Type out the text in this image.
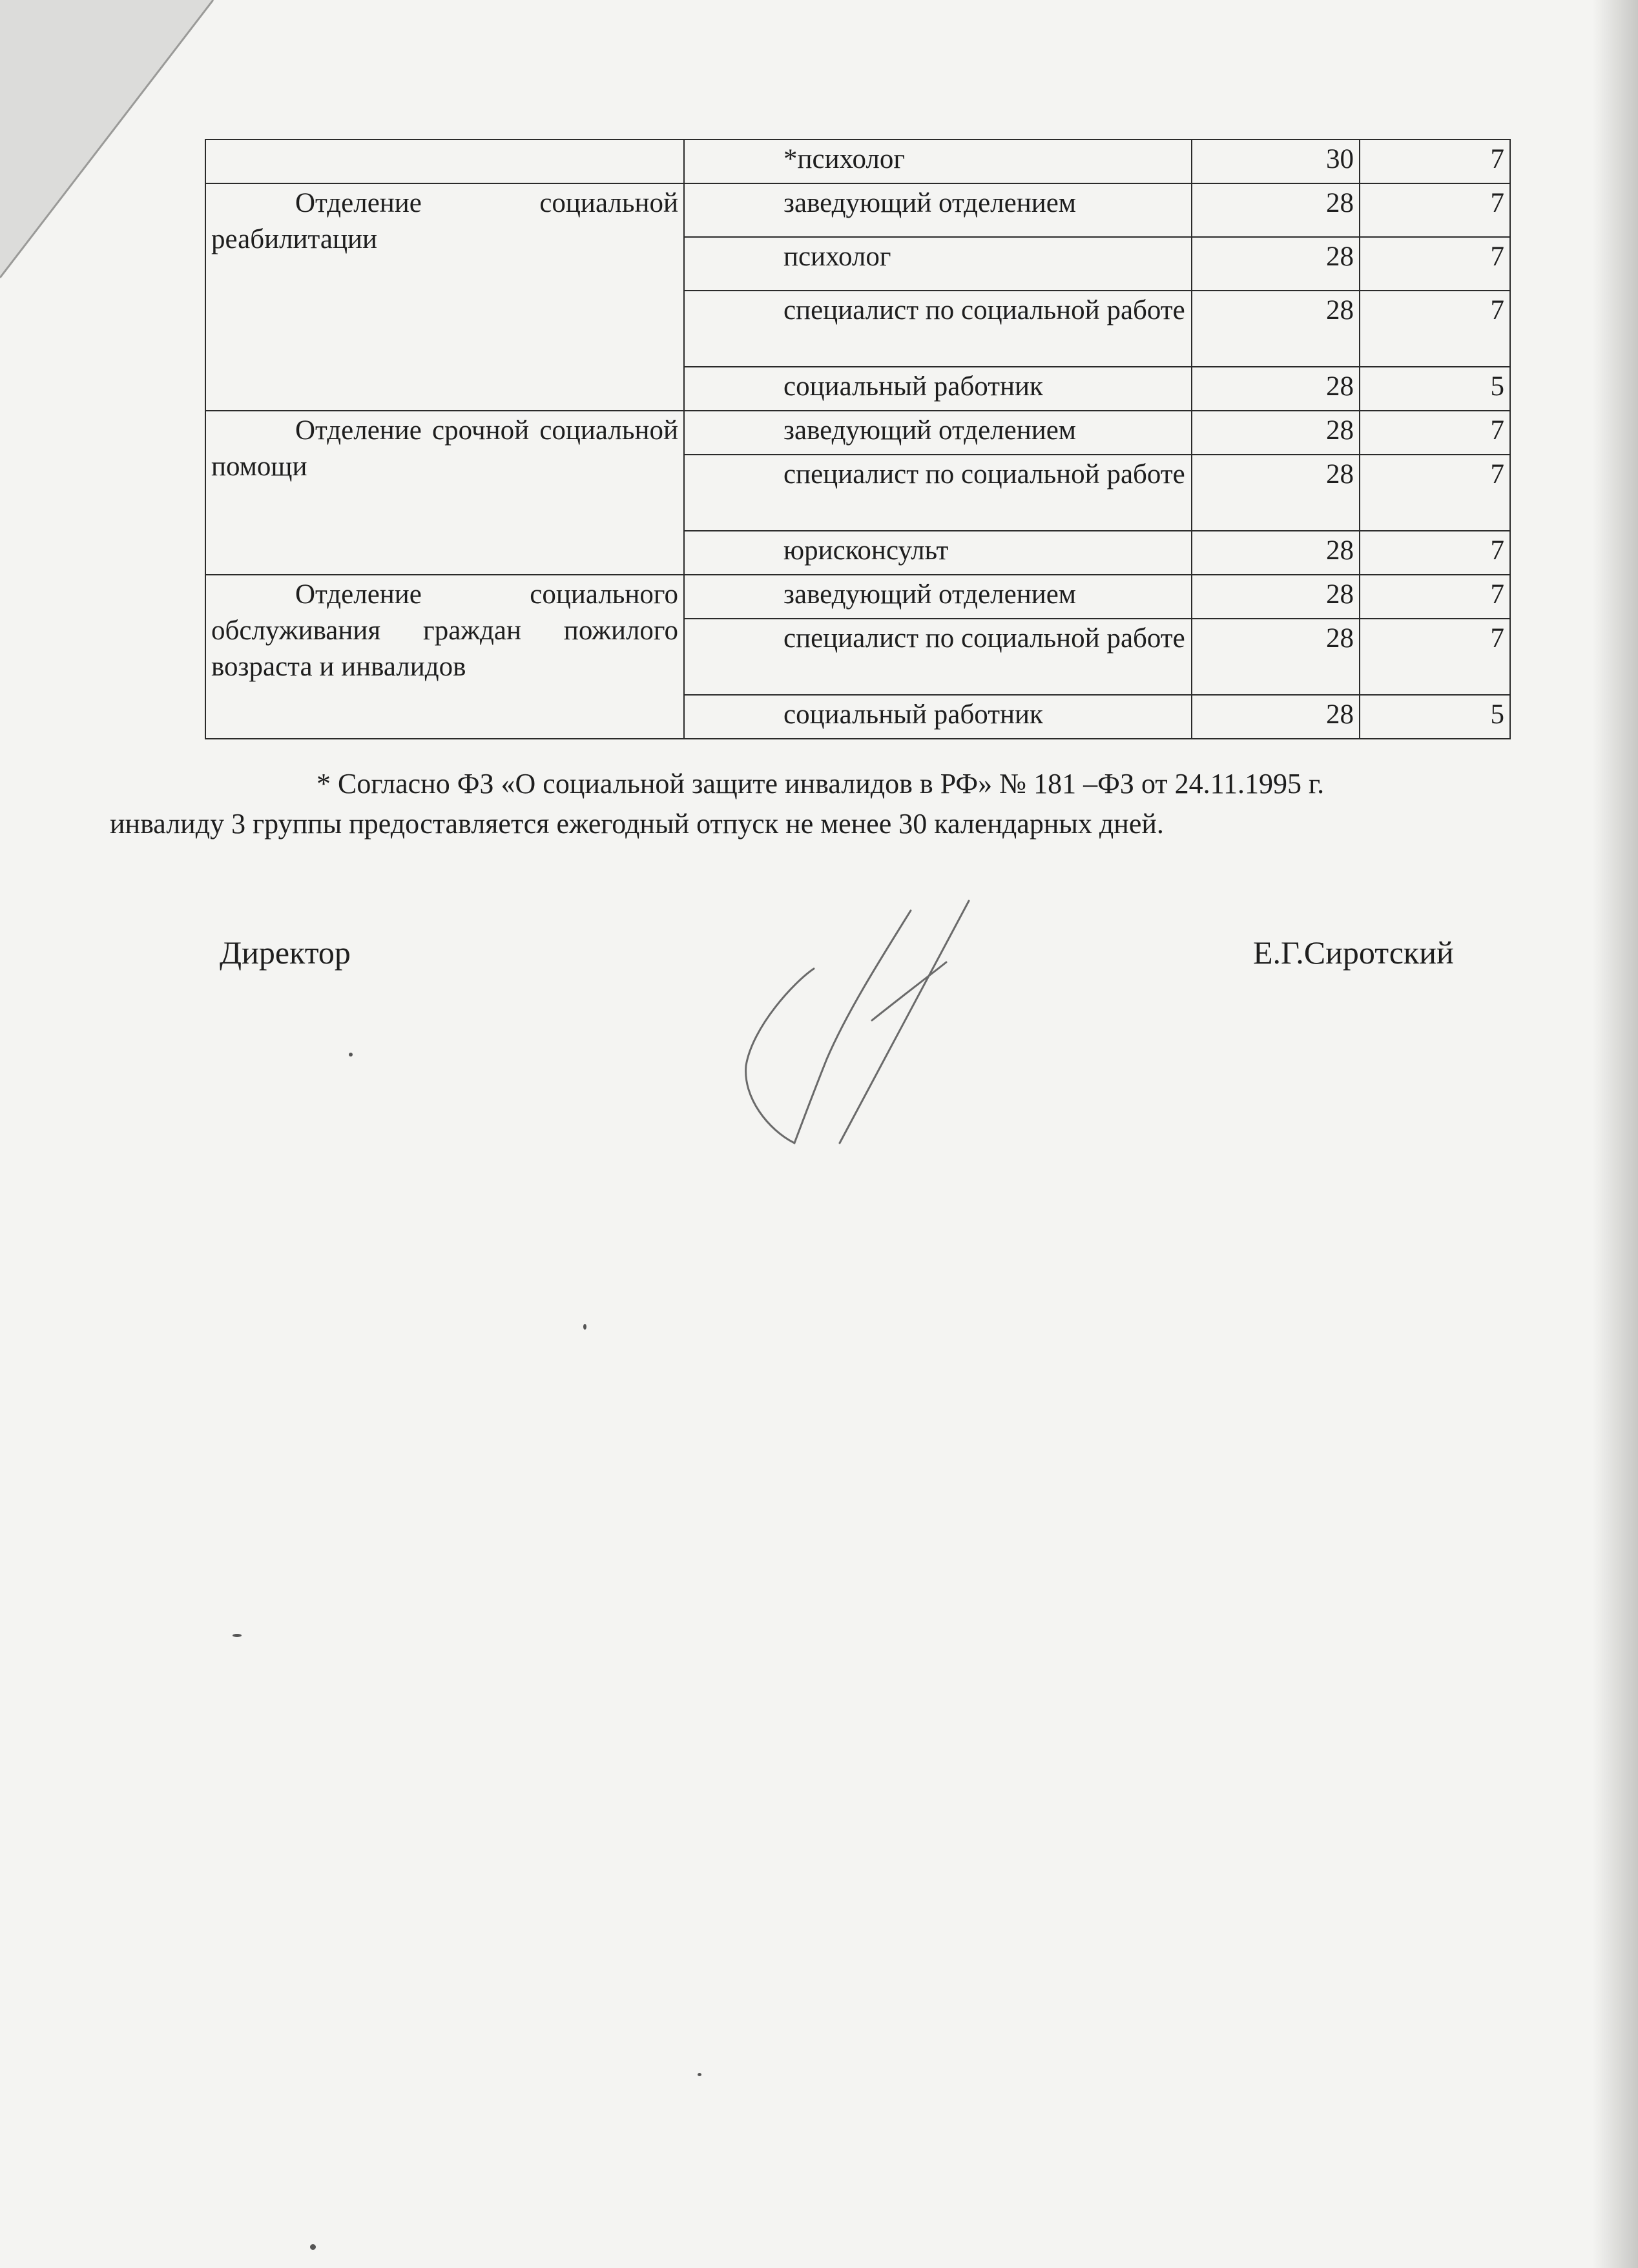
	*психолог	30	7
Отделение социальной реабилитации	заведующий отделением	28	7
	психолог	28	7
	специалист по социальной работе	28	7
	социальный работник	28	5
Отделение срочной социальной помощи	заведующий отделением	28	7
	специалист по социальной работе	28	7
	юрисконсульт	28	7
Отделение социального обслуживания граждан пожилого возраста и инвалидов	заведующий отделением	28	7
	специалист по социальной работе	28	7
	социальный работник	28	5

* Согласно ФЗ «О социальной защите инвалидов в РФ» № 181 –ФЗ от 24.11.1995 г.

инвалиду 3 группы предоставляется ежегодный отпуск не менее 30 календарных дней.

Директор	Е.Г.Сиротский
